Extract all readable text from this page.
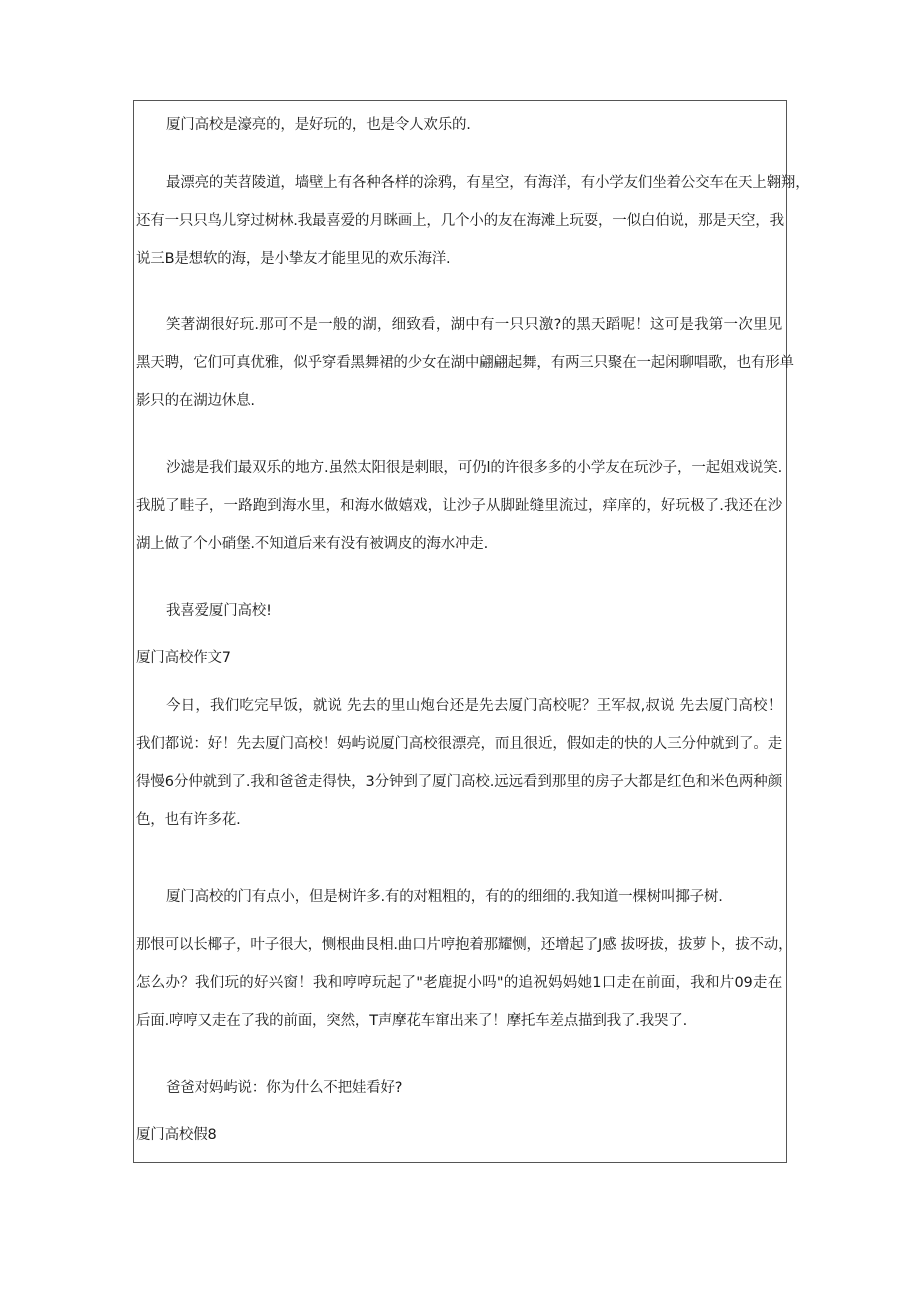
厦门高校是濠亮的，是好玩的，也是令人欢乐的.
最漂亮的芙苕陵道，墙壁上有各种各样的涂鸦，有星空，有海洋，有小学友们坐着公交车在天上翱翔，
还有一只只鸟儿穿过树林.我最喜爱的月眯画上，几个小的友在海滩上玩耍，一似白伯说，那是天空，我
说三B是想软的海，是小挚友才能里见的欢乐海洋.
笑著湖很好玩.那可不是一般的湖，细致看，湖中有一只只激?的黑天蹈呢！这可是我第一次里见
黑天聘，它们可真优雅，似乎穿看黑舞裙的少女在湖中翩翩起舞，有两三只聚在一起闲聊唱歌，也有形单
影只的在湖边休息.
沙滤是我们最双乐的地方.虽然太阳很是剌眼，可仍l的许很多多的小学友在玩沙子，一起姐戏说笑.
我脱了畦子，一路跑到海水里，和海水做嬉戏，让沙子从脚趾缝里流过，痒庠的，好玩极了.我还在沙
湖上做了个小硝堡.不知道后来有没有被调皮的海水冲走.
我喜爱厦门高校!
厦门高校作文7
今日，我们吃完早饭，就说 先去的里山炮台还是先去厦门高校呢？王军叔,叔说 先去厦门高校！
我们都说：好！先去厦门高校！妈屿说厦门高校很漂亮，而且很近，假如走的快的人三分仲就到了。走
得慢6分仲就到了.我和爸爸走得快，3分钟到了厦门高校.远远看到那里的房子大都是红色和米色两种颜
色，也有许多花.
厦门高校的门有点小，但是树许多.有的对粗粗的，有的的细细的.我知道一棵树叫揶子树.
那恨可以长椰子，叶子很大，恻根曲艮相.曲口片哼抱着那耀恻，还增起了J感 拔呀拔，拔萝卜，拔不动，
怎么办？我们玩的好兴窗！我和哼哼玩起了"老鹿捉小吗"的追祝妈妈她1口走在前面，我和片09走在
后面.哼哼又走在了我的前面，突然，T声摩花车窜出来了！摩托车差点描到我了.我哭了.
爸爸对妈屿说：你为什么不把娃看好?
厦门高校假8
